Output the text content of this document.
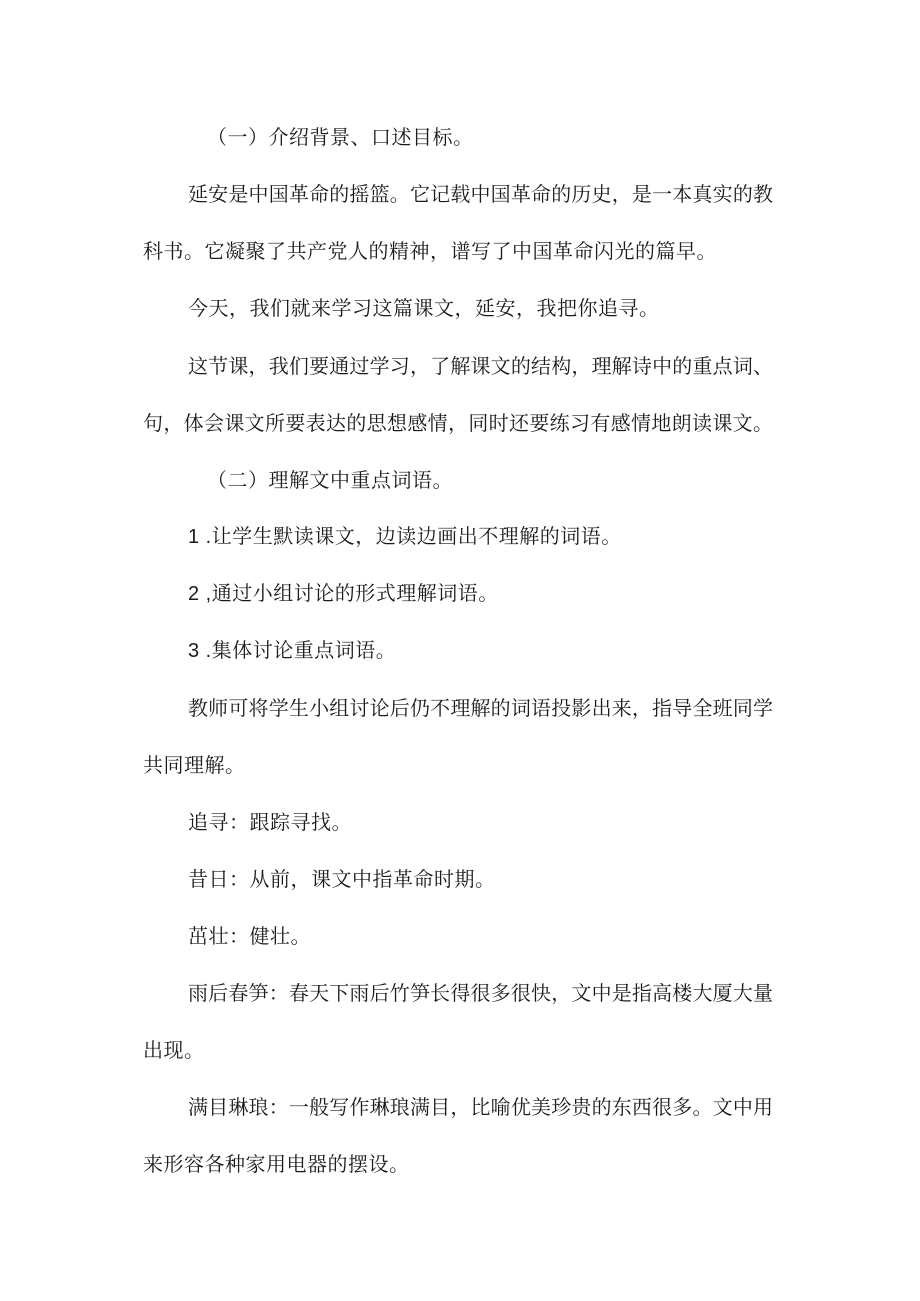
（一）介绍背景、口述目标。
延安是中国革命的摇篮。它记载中国革命的历史，是一本真实的教
科书。它凝聚了共产党人的精神，谱写了中国革命闪光的篇早。
今天，我们就来学习这篇课文，延安，我把你追寻。
这节课，我们要通过学习，了解课文的结构，理解诗中的重点词、
句，体会课文所要表达的思想感情，同时还要练习有感情地朗读课文。
（二）理解文中重点词语。
1 .让学生默读课文，边读边画出不理解的词语。
2 ,通过小组讨论的形式理解词语。
3 .集体讨论重点词语。
教师可将学生小组讨论后仍不理解的词语投影出来，指导全班同学
共同理解。
追寻：跟踪寻找。
昔日：从前，课文中指革命时期。
茁壮：健壮。
雨后春笋：春天下雨后竹笋长得很多很快，文中是指高楼大厦大量
出现。
满目琳琅：一般写作琳琅满目，比喻优美珍贵的东西很多。文中用
来形容各种家用电器的摆设。
